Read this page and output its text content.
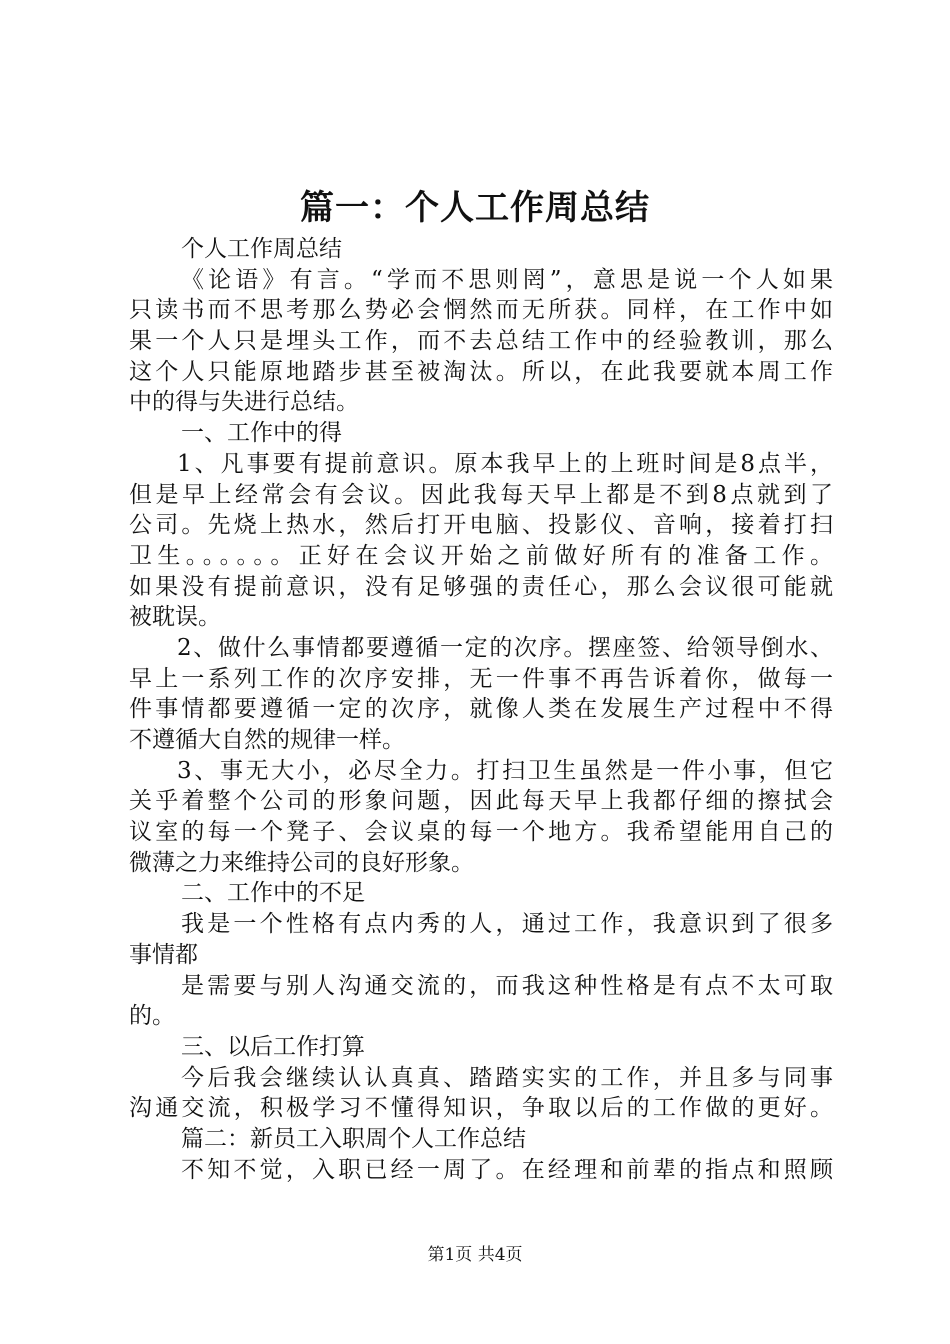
篇一：个人工作周总结
个人工作周总结
《论语》有言。“学而不思则罔”，意思是说一个人如果
只读书而不思考那么势必会惘然而无所获。同样，在工作中如
果一个人只是埋头工作，而不去总结工作中的经验教训，那么
这个人只能原地踏步甚至被淘汰。所以，在此我要就本周工作
中的得与失进行总结。
一、工作中的得
1、凡事要有提前意识。原本我早上的上班时间是8点半，
但是早上经常会有会议。因此我每天早上都是不到8点就到了
公司。先烧上热水，然后打开电脑、投影仪、音响，接着打扫
卫生。。。。。。正好在会议开始之前做好所有的准备工作。
如果没有提前意识，没有足够强的责任心，那么会议很可能就
被耽误。
2、做什么事情都要遵循一定的次序。摆座签、给领导倒水、
早上一系列工作的次序安排，无一件事不再告诉着你，做每一
件事情都要遵循一定的次序，就像人类在发展生产过程中不得
不遵循大自然的规律一样。
3、事无大小，必尽全力。打扫卫生虽然是一件小事，但它
关乎着整个公司的形象问题，因此每天早上我都仔细的擦拭会
议室的每一个凳子、会议桌的每一个地方。我希望能用自己的
微薄之力来维持公司的良好形象。
二、工作中的不足
我是一个性格有点内秀的人，通过工作，我意识到了很多
事情都
是需要与别人沟通交流的，而我这种性格是有点不太可取
的。
三、以后工作打算
今后我会继续认认真真、踏踏实实的工作，并且多与同事
沟通交流，积极学习不懂得知识，争取以后的工作做的更好。
篇二：新员工入职周个人工作总结
不知不觉，入职已经一周了。在经理和前辈的指点和照顾
第1页 共4页
